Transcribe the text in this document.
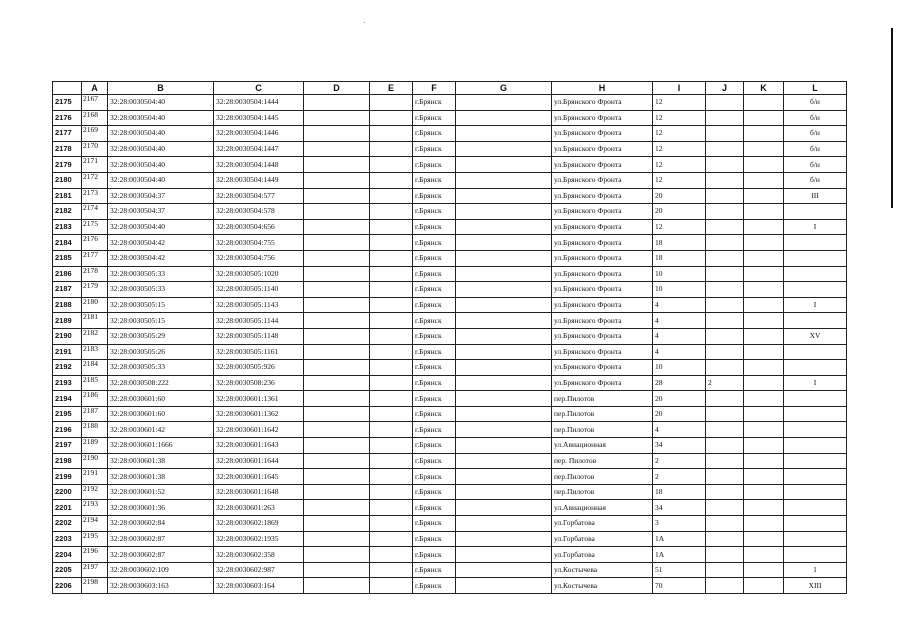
	A	B	C	D	E	F	G	H	I	J	K	L
2175	2167	32:28:0030504:40	32:28:0030504:1444			г.Брянск		ул.Брянского Фронта	12			б/н
2176	2168	32:28:0030504:40	32:28:0030504:1445			г.Брянск		ул.Брянского Фронта	12			б/н
2177	2169	32:28:0030504:40	32:28:0030504:1446			г.Брянск		ул.Брянского Фронта	12			б/н
2178	2170	32:28:0030504:40	32:28:0030504:1447			г.Брянск		ул.Брянского Фронта	12			б/н
2179	2171	32:28:0030504:40	32:28:0030504:1448			г.Брянск		ул.Брянского Фронта	12			б/н
2180	2172	32:28:0030504:40	32:28:0030504:1449			г.Брянск		ул.Брянского Фронта	12			б/н
2181	2173	32:28:0030504:37	32:28:0030504:577			г.Брянск		ул.Брянского Фронта	20			III
2182	2174	32:28:0030504:37	32:28:0030504:578			г.Брянск		ул.Брянского Фронта	20			
2183	2175	32:28:0030504:40	32:28:0030504:656			г.Брянск		ул.Брянского Фронта	12			I
2184	2176	32:28:0030504:42	32:28:0030504:755			г.Брянск		ул.Брянского Фронта	18			
2185	2177	32:28:0030504:42	32:28:0030504:756			г.Брянск		ул.Брянского Фронта	18			
2186	2178	32:28:0030505:33	32:28:0030505:1020			г.Брянск		ул.Брянского Фронта	10			
2187	2179	32:28:0030505:33	32:28:0030505:1140			г.Брянск		ул.Брянского Фронта	10			
2188	2180	32:28:0030505:15	32:28:0030505:1143			г.Брянск		ул.Брянского Фронта	4			I
2189	2181	32:28:0030505:15	32:28:0030505:1144			г.Брянск		ул.Брянского Фронта	4			
2190	2182	32:28:0030505:29	32:28:0030505:1148			г.Брянск		ул.Брянского Фронта	4			XV
2191	2183	32:28:0030505:26	32:28:0030505:1161			г.Брянск		ул.Брянского Фронта	4			
2192	2184	32:28:0030505:33	32:28:0030505:926			г.Брянск		ул.Брянского Фронта	10			
2193	2185	32:28:0030508:222	32:28:0030508:236			г.Брянск		ул.Брянского Фронта	28	2		I
2194	2186	32:28:0030601:60	32:28:0030601:1361			г.Брянск		пер.Пилотов	20			
2195	2187	32:28:0030601:60	32:28:0030601:1362			г.Брянск		пер.Пилотов	20			
2196	2188	32:28:0030601:42	32:28:0030601:1642			г.Брянск		пер.Пилотов	4			
2197	2189	32:28:0030601:1666	32:28:0030601:1643			г.Брянск		ул.Авиационная	34			
2198	2190	32:28:0030601:38	32:28:0030601:1644			г.Брянск		пер. Пилотов	2			
2199	2191	32:28:0030601:38	32:28:0030601:1645			г.Брянск		пер.Пилотов	2			
2200	2192	32:28:0030601:52	32:28:0030601:1648			г.Брянск		пер.Пилотов	18			
2201	2193	32:28:0030601:36	32:28:0030601:263			г.Брянск		ул.Авиационная	34			
2202	2194	32:28:0030602:84	32:28:0030602:1869			г.Брянск		ул.Горбатова	3			
2203	2195	32:28:0030602:87	32:28:0030602:1935			г.Брянск		ул.Горбатова	1А			
2204	2196	32:28:0030602:87	32:28:0030602:358			г.Брянск		ул.Горбатова	1А			
2205	2197	32:28:0030602:109	32:28:0030602:987			г.Брянск		ул.Костычева	51			1
2206	2198	32:28:0030603:163	32:28:0030603:164			г.Брянск		ул.Костычева	70			XIII
